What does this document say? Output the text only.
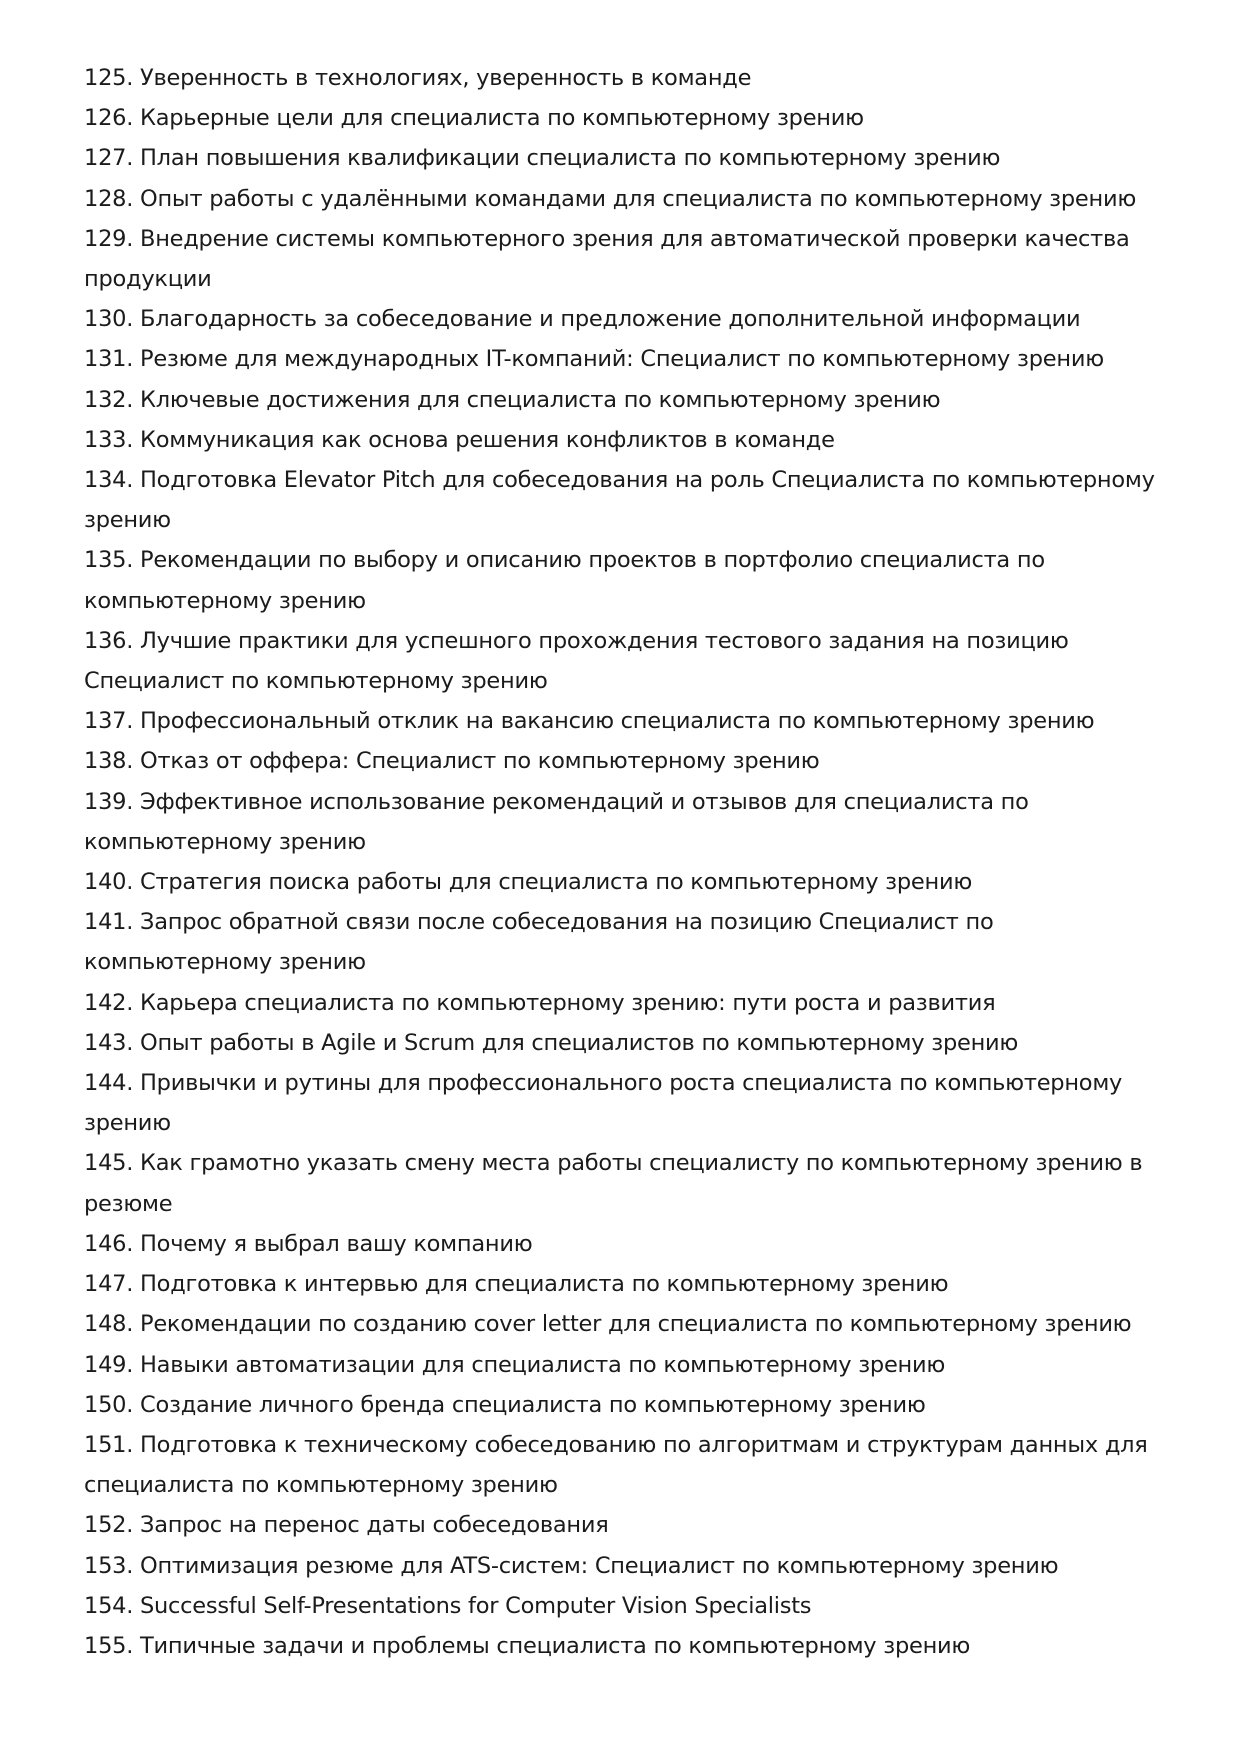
125. Уверенность в технологиях, уверенность в команде
126. Карьерные цели для специалиста по компьютерному зрению
127. План повышения квалификации специалиста по компьютерному зрению
128. Опыт работы с удалёнными командами для специалиста по компьютерному зрению
129. Внедрение системы компьютерного зрения для автоматической проверки качества продукции
130. Благодарность за собеседование и предложение дополнительной информации
131. Резюме для международных IT-компаний: Специалист по компьютерному зрению
132. Ключевые достижения для специалиста по компьютерному зрению
133. Коммуникация как основа решения конфликтов в команде
134. Подготовка Elevator Pitch для собеседования на роль Специалиста по компьютерному зрению
135. Рекомендации по выбору и описанию проектов в портфолио специалиста по компьютерному зрению
136. Лучшие практики для успешного прохождения тестового задания на позицию Специалист по компьютерному зрению
137. Профессиональный отклик на вакансию специалиста по компьютерному зрению
138. Отказ от оффера: Специалист по компьютерному зрению
139. Эффективное использование рекомендаций и отзывов для специалиста по компьютерному зрению
140. Стратегия поиска работы для специалиста по компьютерному зрению
141. Запрос обратной связи после собеседования на позицию Специалист по компьютерному зрению
142. Карьера специалиста по компьютерному зрению: пути роста и развития
143. Опыт работы в Agile и Scrum для специалистов по компьютерному зрению
144. Привычки и рутины для профессионального роста специалиста по компьютерному зрению
145. Как грамотно указать смену места работы специалисту по компьютерному зрению в резюме
146. Почему я выбрал вашу компанию
147. Подготовка к интервью для специалиста по компьютерному зрению
148. Рекомендации по созданию cover letter для специалиста по компьютерному зрению
149. Навыки автоматизации для специалиста по компьютерному зрению
150. Создание личного бренда специалиста по компьютерному зрению
151. Подготовка к техническому собеседованию по алгоритмам и структурам данных для специалиста по компьютерному зрению
152. Запрос на перенос даты собеседования
153. Оптимизация резюме для ATS-систем: Специалист по компьютерному зрению
154. Successful Self-Presentations for Computer Vision Specialists
155. Типичные задачи и проблемы специалиста по компьютерному зрению
